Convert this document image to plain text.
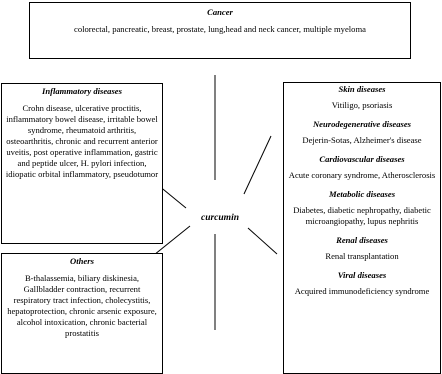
Cancer

colorectal, pancreatic, breast, prostate, lung,head and neck cancer, multiple myeloma

Inflammatory diseases

Crohn disease, ulcerative proctitis, inflammatory bowel disease, irritable bowel syndrome, rheumatoid arthritis, osteoarthritis, chronic and recurrent anterior uveitis, post operative inflammation, gastric and peptide ulcer, H. pylori infection, idiopatic orbital inflammatory, pseudotumor

Others

B-thalassemia, biliary diskinesia, Gallbladder contraction, recurrent respiratory tract infection, cholecystitis, hepatoprotection, chronic arsenic exposure, alcohol intoxication, chronic bacterial prostatitis

Skin diseases

Vitiligo, psoriasis

Neurodegenerative diseases

Dejerin-Sotas, Alzheimer's disease

Cardiovascular diseases

Acute coronary syndrome, Atherosclerosis

Metabolic diseases

Diabetes, diabetic nephropathy, diabetic microangiopathy, lupus nephritis

Renal diseases

Renal transplantation

Viral diseases

Acquired immunodeficiency syndrome

curcumin
